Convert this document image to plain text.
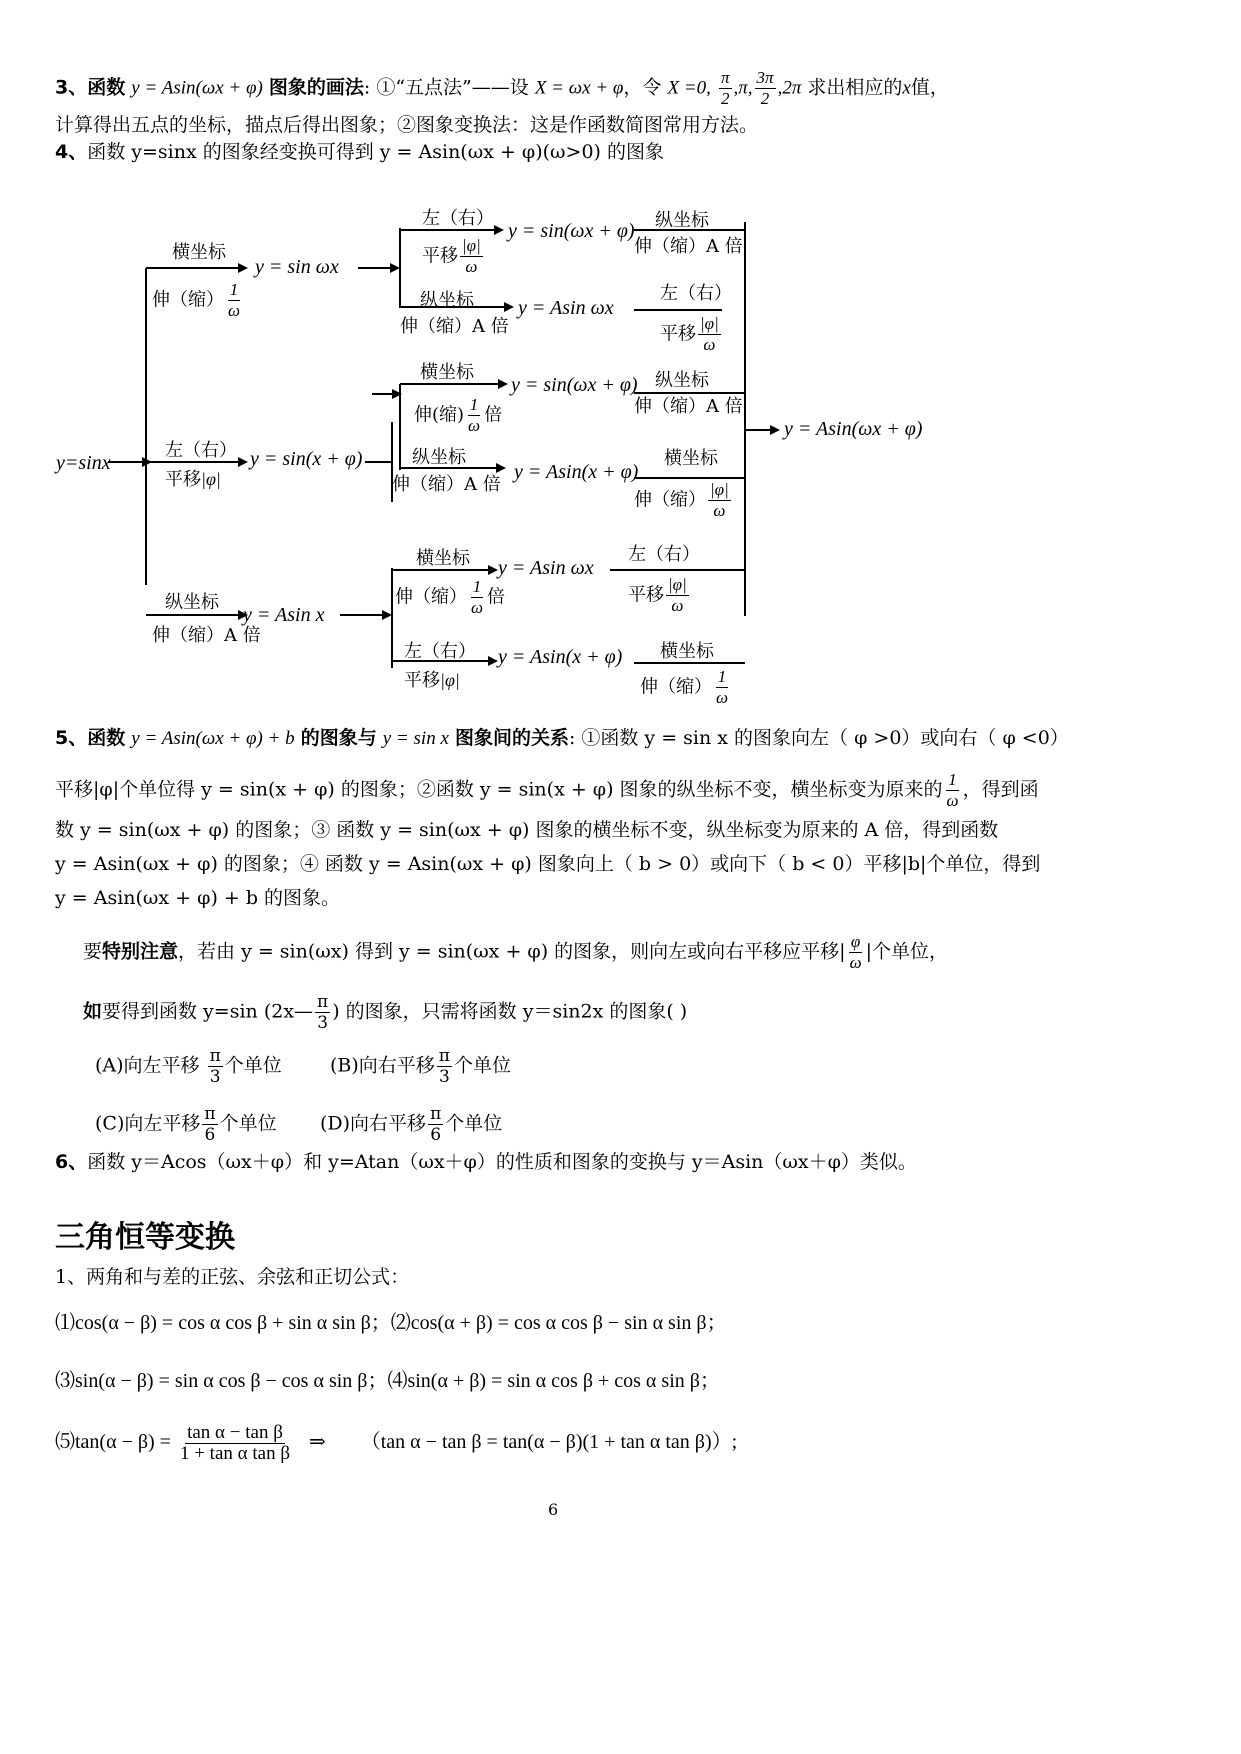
3、函数 y = Asin(ωx + φ) 图象的画法: ①“五点法”——设 X = ωx + φ，令 X =0, $\frac{\pi}{2} ,\pi$, $\frac{3\pi}{2} ,2\pi$ 求出相应的x值，
计算得出五点的坐标，描点后得出图象；②图象变换法：这是作函数简图常用方法。
4、函数 y=sinx 的图象经变换可得到 y = Asin(ωx + φ)(ω>0) 的图象
y=sinx
横坐标
伸（缩） $\frac{1}{\omega}$
y = sin ωx
左（右）
平移 $\frac{|\varphi|}{\omega}$
y = sin(ωx + φ) 纵坐标
伸（缩）A 倍
纵坐标
伸（缩）A 倍
y = Asin ωx
左（右）
平移 $\frac{|\varphi|}{\omega}$
左（右）
平移|φ|
y = sin(x + φ)
横坐标
伸(缩) $\frac{1}{\omega}$ 倍
y = sin(ωx + φ) 纵坐标
伸（缩）A 倍
纵坐标
伸（缩）A 倍
y = Asin(x + φ)
横坐标
伸（缩） $\frac{|\varphi|}{\omega}$
纵坐标
伸（缩）A 倍
y = Asin x
横坐标
伸（缩） $\frac{1}{\omega}$ 倍
y = Asin ωx
左（右）
平移 $\frac{|\varphi|}{\omega}$
左（右）
平移|φ|
y = Asin(x + φ) 横坐标
伸（缩） $\frac{1}{\omega}$
y = Asin(ωx + φ)
5、函数 y = Asin(ωx + φ) + b 的图象与 y = sin x 图象间的关系: ①函数 y = sin x 的图象向左（ φ >0）或向右（ φ <0）
平移|φ|个单位得 y = sin(x + φ) 的图象；②函数 y = sin(x + φ) 图象的纵坐标不变，横坐标变为原来的 $\frac{1}{\omega}$ ，得到函
数 y = sin(ωx + φ) 的图象；③ 函数 y = sin(ωx + φ) 图象的横坐标不变，纵坐标变为原来的 A 倍，得到函数
y = Asin(ωx + φ) 的图象；④ 函数 y = Asin(ωx + φ) 图象向上（ b > 0）或向下（ b < 0）平移|b|个单位，得到
y = Asin(ωx + φ) + b 的图象。
要特别注意，若由 y = sin(ωx) 得到 y = sin(ωx + φ) 的图象，则向左或向右平移应平移| $\frac{\varphi}{\omega}$ |个单位，
如要得到函数 y=sin (2x— $\frac{\pi}{3}$ ) 的图象，只需将函数 y＝sin2x 的图象( )
(A)向左平移 $\frac{\pi}{3}$ 个单位	(B)向右平移 $\frac{\pi}{3}$ 个单位
(C)向左平移 $\frac{\pi}{6}$ 个单位 (D)向右平移 $\frac{\pi}{6}$ 个单位
6、函数 y＝Acos（ωx＋φ）和 y=Atan（ωx＋φ）的性质和图象的变换与 y＝Asin（ωx＋φ）类似。
三角恒等变换
1、两角和与差的正弦、余弦和正切公式：
⑴cos(α − β) = cos α cos β + sin α sin β；⑵cos(α + β) = cos α cos β − sin α sin β；
⑶sin(α − β) = sin α cos β − cos α sin β；⑷sin(α + β) = sin α cos β + cos α sin β；
⑸tan(α − $\beta) = \frac{\text{tan α − tan β}}{\text{1 + tan α tan β}}$ ⇒ （tan α − tan β = tan(α − β)(1 + tan α tan β)）;
6
